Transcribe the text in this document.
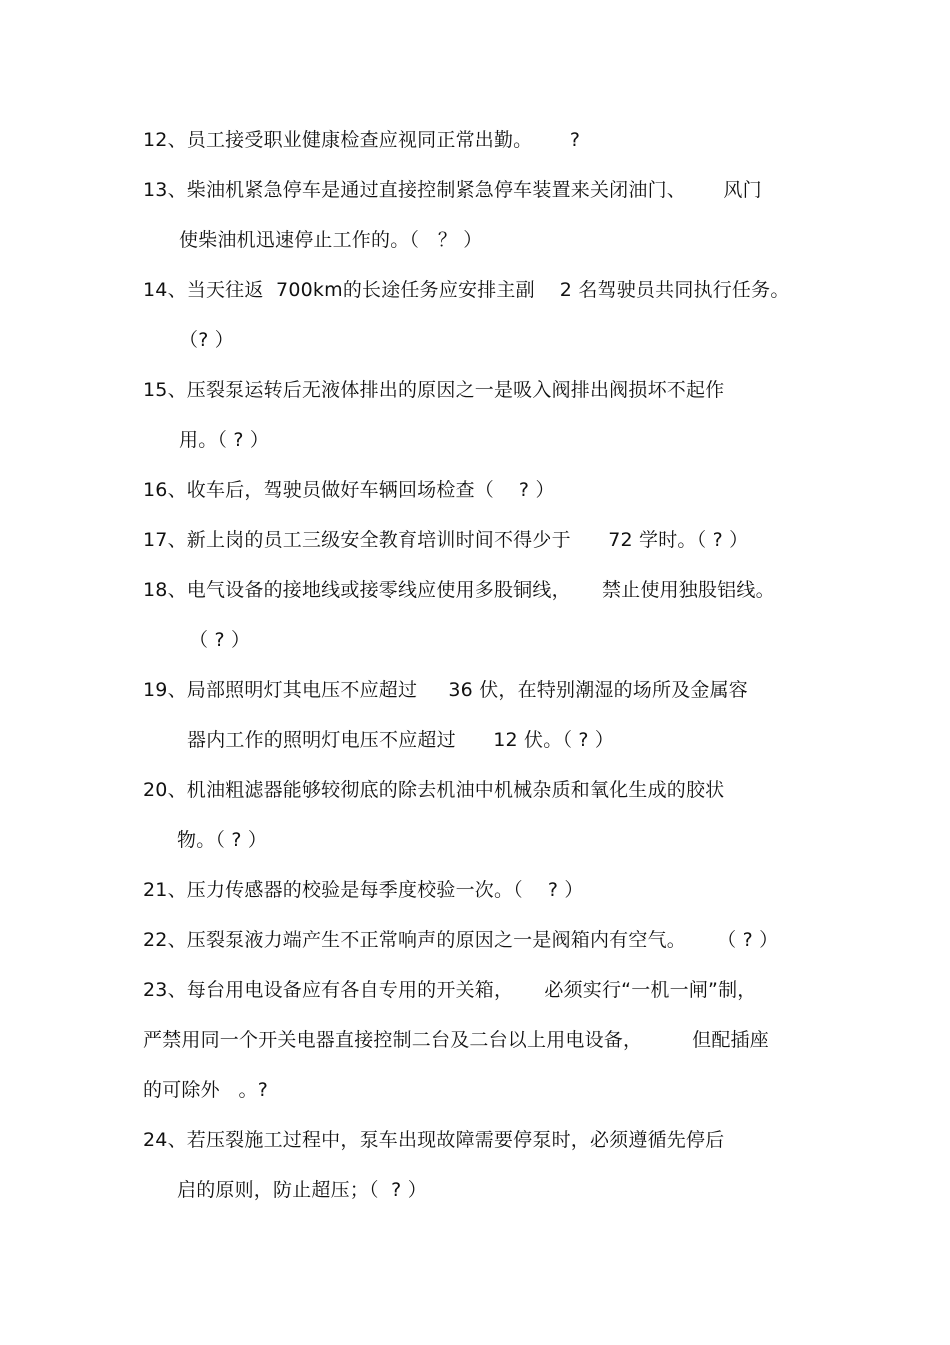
12、员工接受职业健康检查应视同正常出勤。      ?
13、柴油机紧急停车是通过直接控制紧急停车装置来关闭油门、      风门
使柴油机迅速停止工作的。（   ？ ）
14、当天往返  700km的长途任务应安排主副    2 名驾驶员共同执行任务。
（? ）
15、压裂泵运转后无液体排出的原因之一是吸入阀排出阀损坏不起作
用。（ ? ）
16、收车后，驾驶员做好车辆回场检查（    ? ）
17、新上岗的员工三级安全教育培训时间不得少于      72 学时。（ ? ）
18、电气设备的接地线或接零线应使用多股铜线，     禁止使用独股铝线。
（ ? ）
19、局部照明灯其电压不应超过     36 伏，在特别潮湿的场所及金属容
器内工作的照明灯电压不应超过      12 伏。（ ? ）
20、机油粗滤器能够较彻底的除去机油中机械杂质和氧化生成的胶状
物。（ ? ）
21、压力传感器的校验是每季度校验一次。（    ? ）
22、压裂泵液力端产生不正常响声的原因之一是阀箱内有空气。     （ ? ）
23、每台用电设备应有各自专用的开关箱，     必须实行“一机一闸”制，
严禁用同一个开关电器直接控制二台及二台以上用电设备，        但配插座
的可除外   。?
24、若压裂施工过程中，泵车出现故障需要停泵时，必须遵循先停后
启的原则，防止超压；（  ? ）
